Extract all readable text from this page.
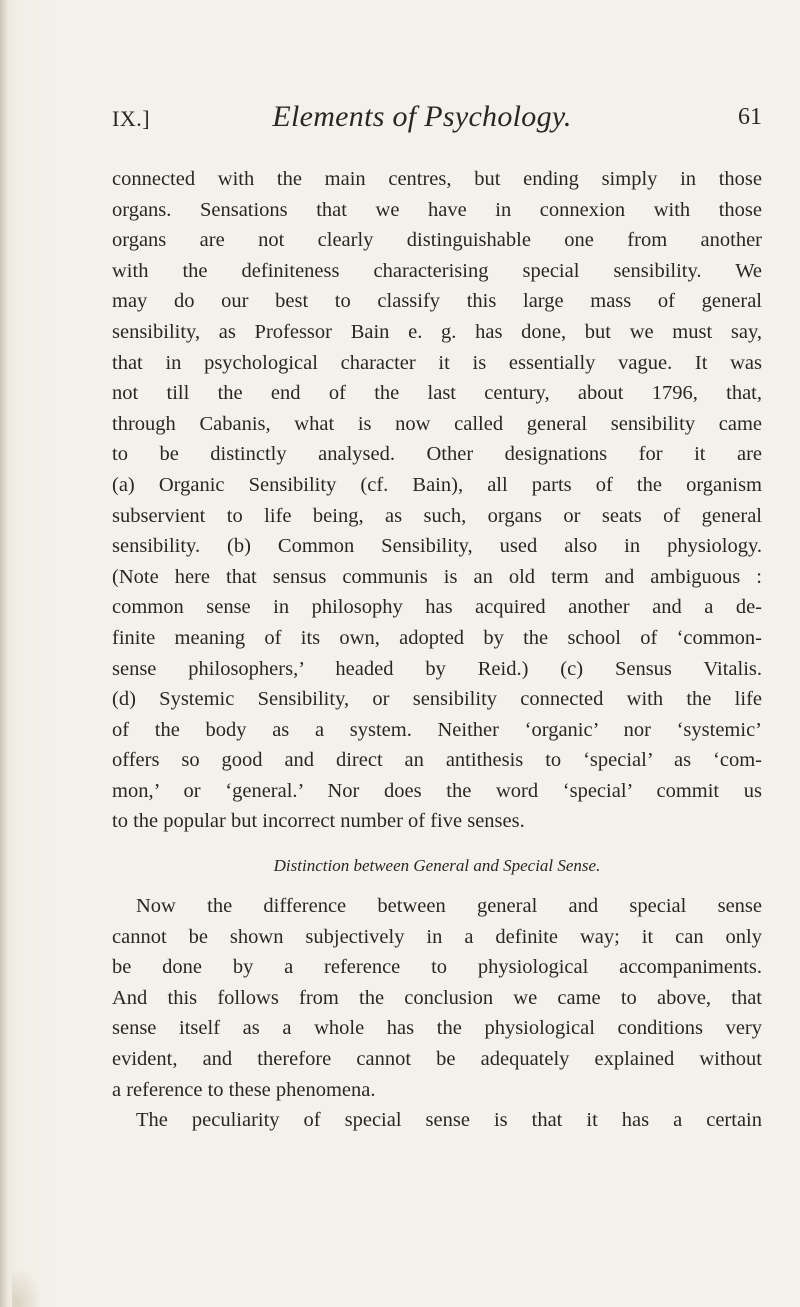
IX.]	Elements of Psychology.	61
connected with the main centres, but ending simply in those
organs. Sensations that we have in connexion with those
organs are not clearly distinguishable one from another
with the definiteness characterising special sensibility. We
may do our best to classify this large mass of general
sensibility, as Professor Bain e. g. has done, but we must say,
that in psychological character it is essentially vague. It was
not till the end of the last century, about 1796, that,
through Cabanis, what is now called general sensibility came
to be distinctly analysed. Other designations for it are
(a) Organic Sensibility (cf. Bain), all parts of the organism
subservient to life being, as such, organs or seats of general
sensibility. (b) Common Sensibility, used also in physiology.
(Note here that sensus communis is an old term and ambiguous :
common sense in philosophy has acquired another and a de-
finite meaning of its own, adopted by the school of ‘common-
sense philosophers,’ headed by Reid.) (c) Sensus Vitalis.
(d) Systemic Sensibility, or sensibility connected with the life
of the body as a system. Neither ‘organic’ nor ‘systemic’
offers so good and direct an antithesis to ‘special’ as ‘com-
mon,’ or ‘general.’ Nor does the word ‘special’ commit us
to the popular but incorrect number of five senses.
Distinction between General and Special Sense.
Now the difference between general and special sense
cannot be shown subjectively in a definite way; it can only
be done by a reference to physiological accompaniments.
And this follows from the conclusion we came to above, that
sense itself as a whole has the physiological conditions very
evident, and therefore cannot be adequately explained without
a reference to these phenomena.
The peculiarity of special sense is that it has a certain
